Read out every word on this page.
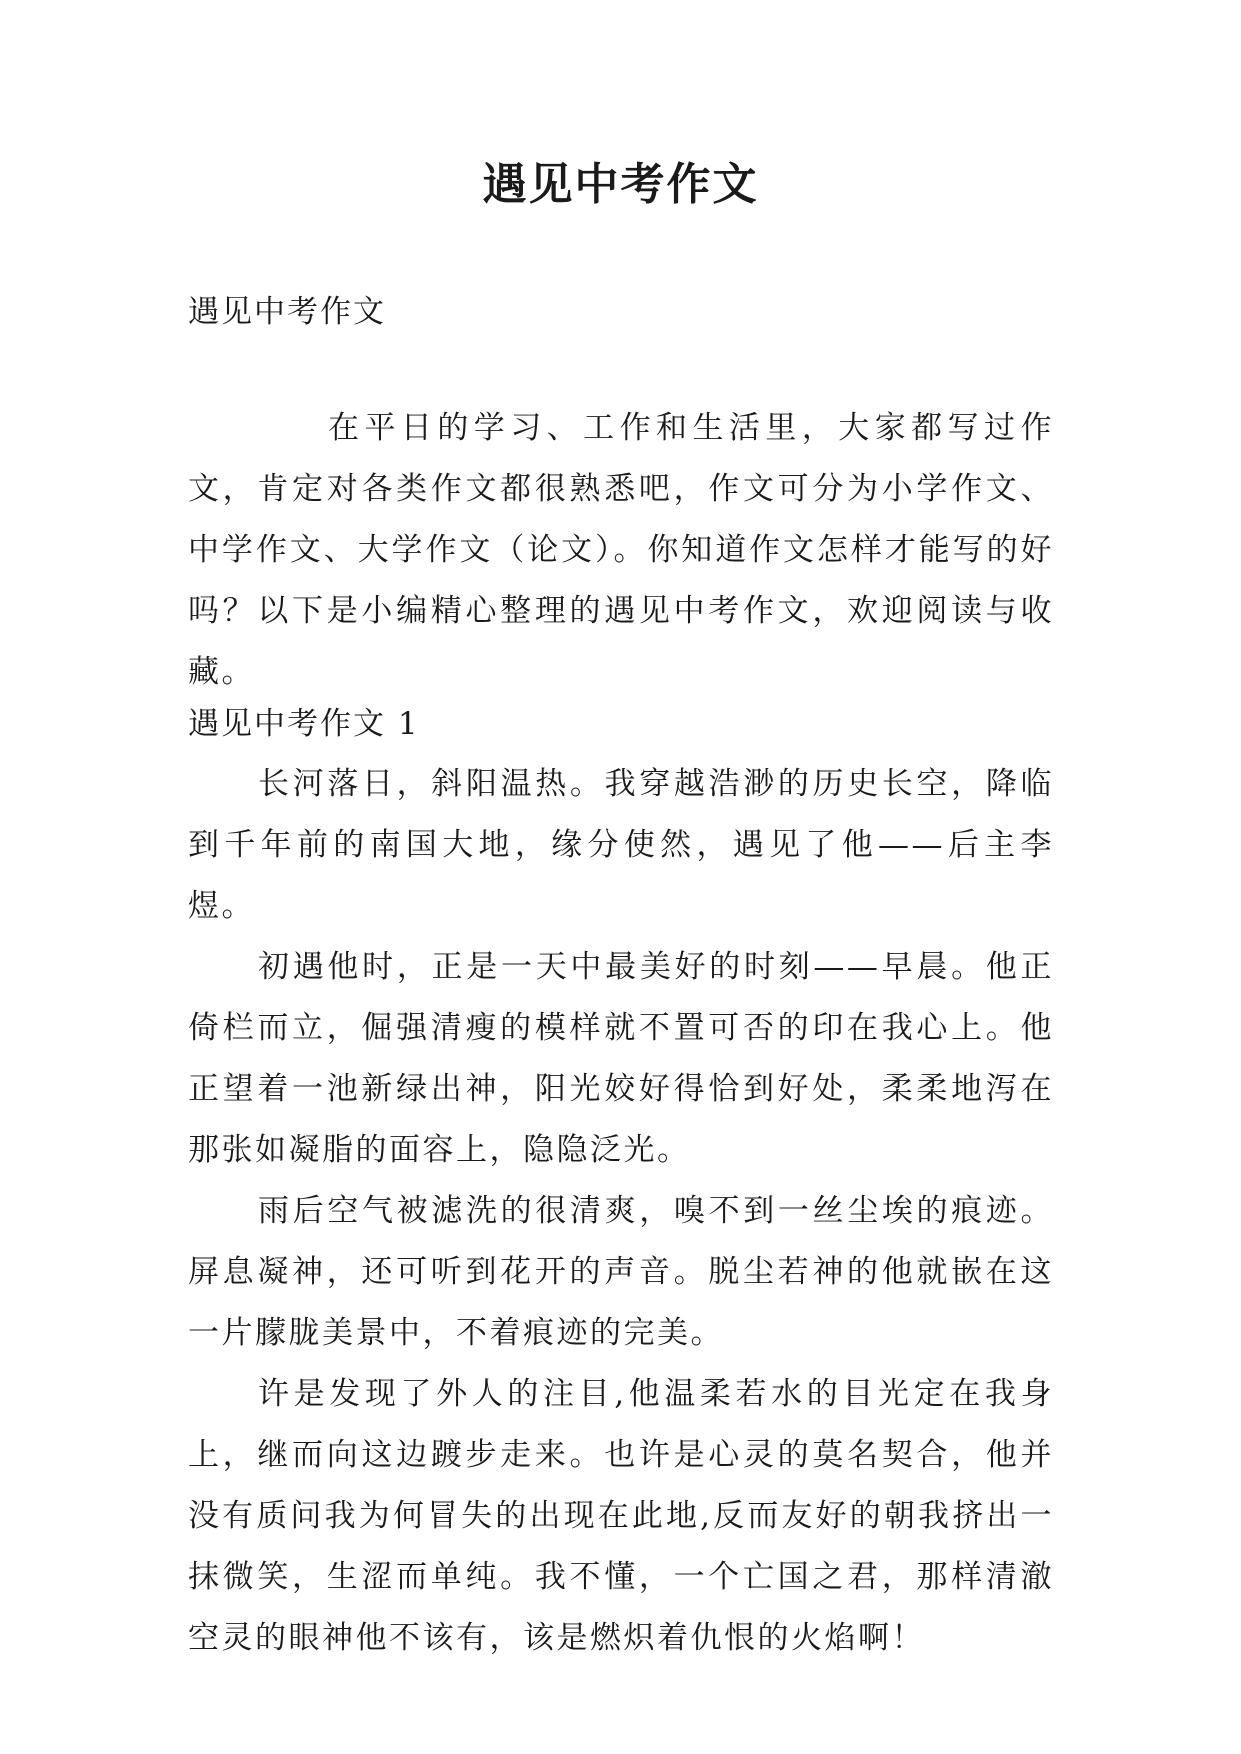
遇见中考作文
遇见中考作文

在平日的学习、工作和生活里，大家都写过作文，肯定对各类作文都很熟悉吧，作文可分为小学作文、中学作文、大学作文（论文）。你知道作文怎样才能写的好吗？以下是小编精心整理的遇见中考作文，欢迎阅读与收藏。

遇见中考作文 1

长河落日，斜阳温热。我穿越浩渺的历史长空，降临到千年前的南国大地，缘分使然，遇见了他——后主李煜。

初遇他时，正是一天中最美好的时刻——早晨。他正倚栏而立，倔强清瘦的模样就不置可否的印在我心上。他正望着一池新绿出神，阳光姣好得恰到好处，柔柔地泻在那张如凝脂的面容上，隐隐泛光。

雨后空气被滤洗的很清爽，嗅不到一丝尘埃的痕迹。屏息凝神，还可听到花开的声音。脱尘若神的他就嵌在这一片朦胧美景中，不着痕迹的完美。

许是发现了外人的注目,他温柔若水的目光定在我身上，继而向这边踱步走来。也许是心灵的莫名契合，他并没有质问我为何冒失的出现在此地,反而友好的朝我挤出一抹微笑，生涩而单纯。我不懂，一个亡国之君，那样清澈空灵的眼神他不该有，该是燃炽着仇恨的火焰啊！
